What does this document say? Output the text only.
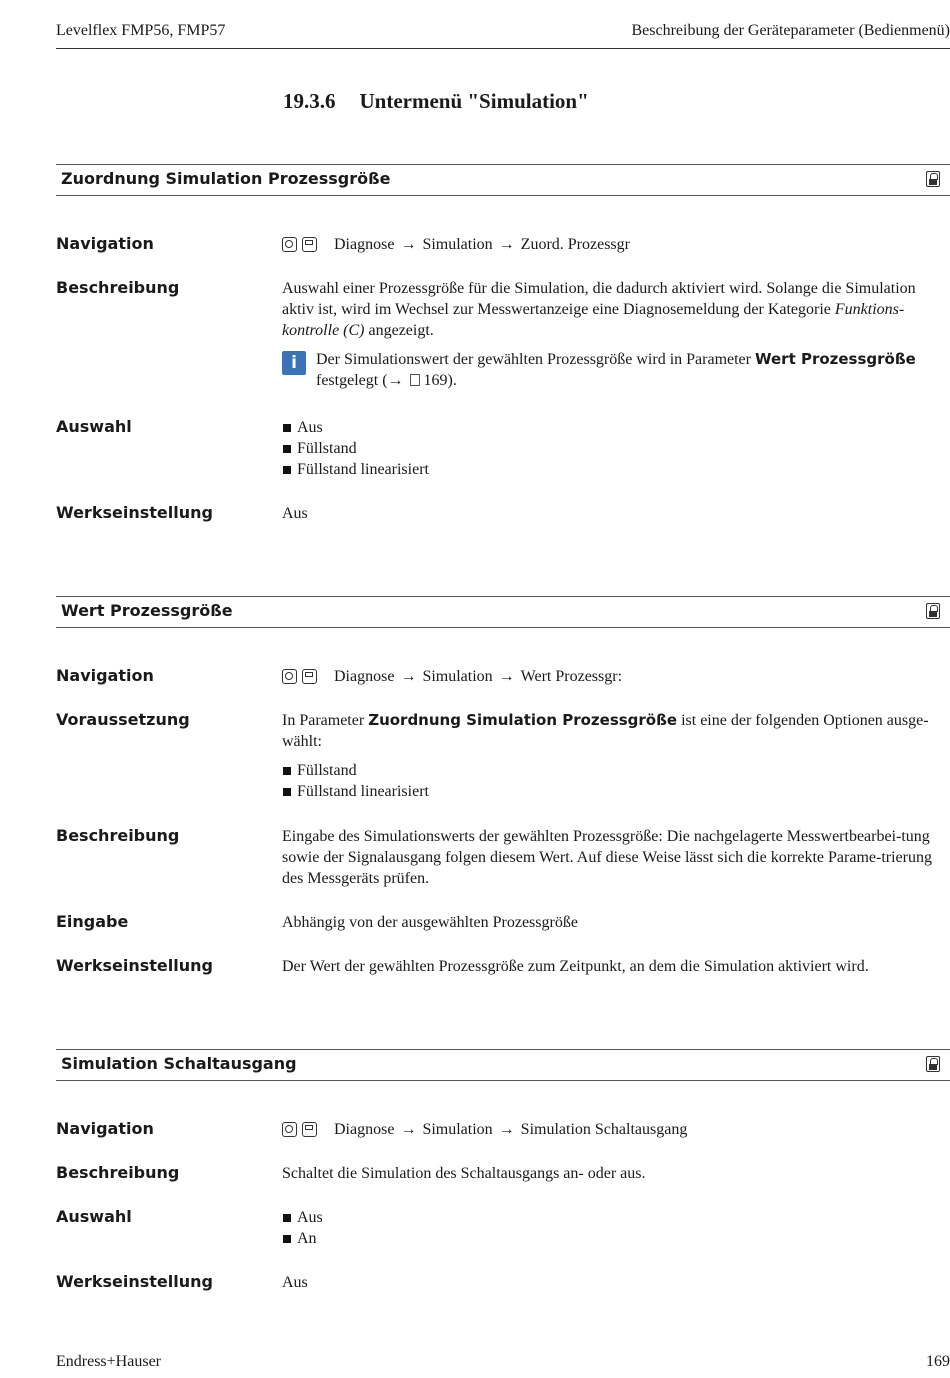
Levelflex FMP56, FMP57	Beschreibung der Geräteparameter (Bedienmenü)
19.3.6 Untermenü "Simulation"
Zuordnung Simulation Prozessgröße
Navigation	Diagnose → Simulation → Zuord. Prozessgr
Beschreibung	Auswahl einer Prozessgröße für die Simulation, die dadurch aktiviert wird. Solange die Simulation aktiv ist, wird im Wechsel zur Messwertanzeige eine Diagnosemeldung der Kategorie Funktions-kontrolle (C) angezeigt.
i	Der Simulationswert der gewählten Prozessgröße wird in Parameter Wert Prozessgröße festgelegt (→ 169).
Auswahl	Aus
Füllstand
Füllstand linearisiert
Werkseinstellung	Aus
Wert Prozessgröße
Navigation	Diagnose → Simulation → Wert Prozessgr:
Voraussetzung	In Parameter Zuordnung Simulation Prozessgröße ist eine der folgenden Optionen ausge-wählt:
Füllstand
Füllstand linearisiert
Beschreibung	Eingabe des Simulationswerts der gewählten Prozessgröße: Die nachgelagerte Messwertbearbei-tung sowie der Signalausgang folgen diesem Wert. Auf diese Weise lässt sich die korrekte Parame-trierung des Messgeräts prüfen.
Eingabe	Abhängig von der ausgewählten Prozessgröße
Werkseinstellung	Der Wert der gewählten Prozessgröße zum Zeitpunkt, an dem die Simulation aktiviert wird.
Simulation Schaltausgang
Navigation	Diagnose → Simulation → Simulation Schaltausgang
Beschreibung	Schaltet die Simulation des Schaltausgangs an- oder aus.
Auswahl	Aus
An
Werkseinstellung	Aus
Endress+Hauser	169
